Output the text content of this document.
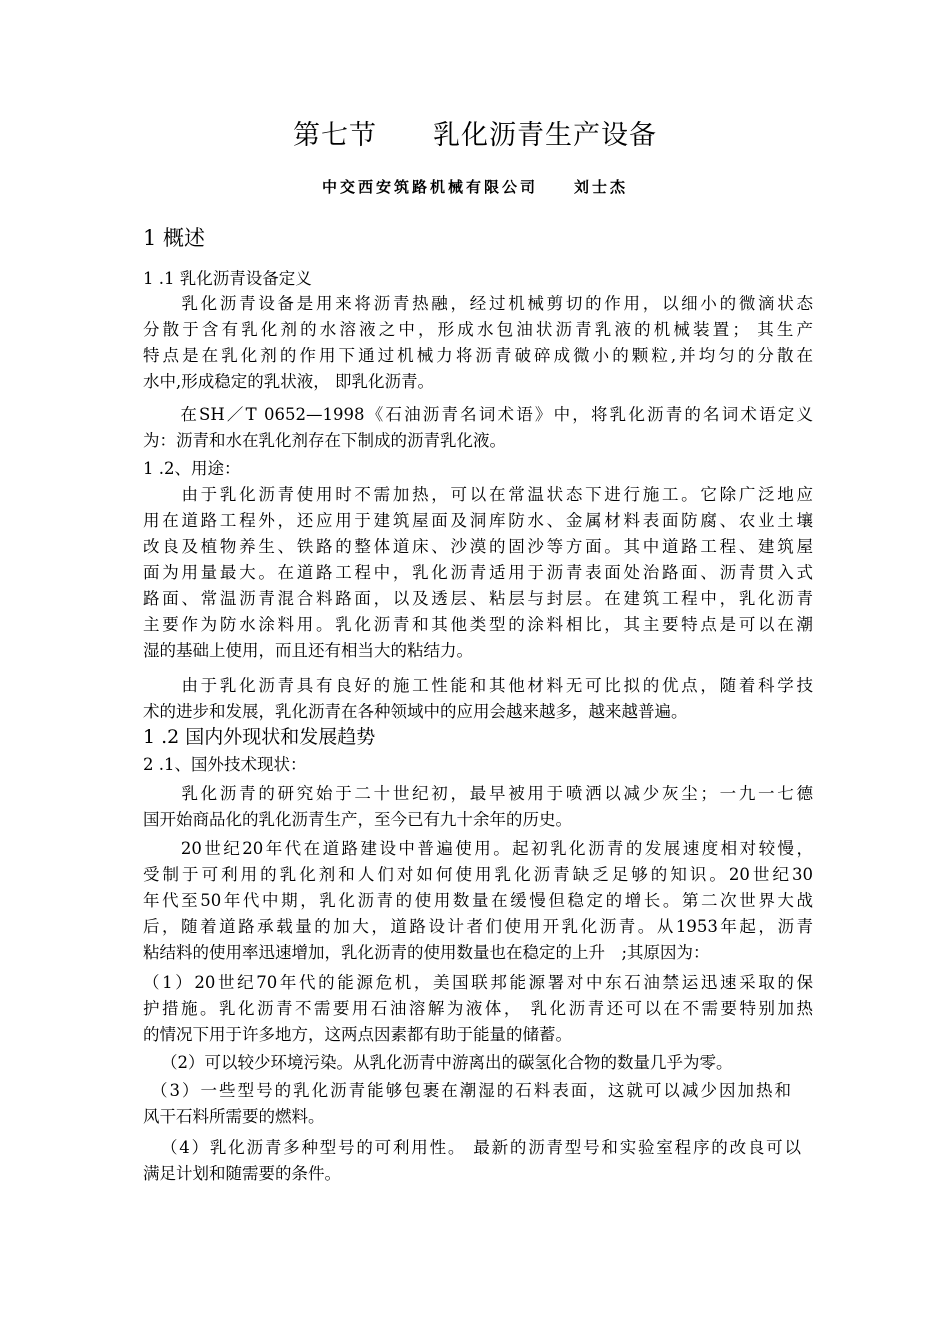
第七节　　乳化沥青生产设备
中交西安筑路机械有限公司　　刘士杰
1 概述
1 .1 乳化沥青设备定义
　　乳化沥青设备是用来将沥青热融，经过机械剪切的作用，以细小的微滴状态
分散于含有乳化剂的水溶液之中，形成水包油状沥青乳液的机械装置； 其生产
特点是在乳化剂的作用下通过机械力将沥青破碎成微小的颗粒,并均匀的分散在
水中,形成稳定的乳状液， 即乳化沥青。
　　在SH／T 0652—1998《石油沥青名词术语》中，将乳化沥青的名词术语定义
为：沥青和水在乳化剂存在下制成的沥青乳化液。
1 .2、用途：
　　由于乳化沥青使用时不需加热，可以在常温状态下进行施工。它除广泛地应
用在道路工程外，还应用于建筑屋面及洞库防水、金属材料表面防腐、农业土壤
改良及植物养生、铁路的整体道床、沙漠的固沙等方面。其中道路工程、建筑屋
面为用量最大。在道路工程中，乳化沥青适用于沥青表面处治路面、沥青贯入式
路面、常温沥青混合料路面，以及透层、粘层与封层。在建筑工程中，乳化沥青
主要作为防水涂料用。乳化沥青和其他类型的涂料相比，其主要特点是可以在潮
湿的基础上使用，而且还有相当大的粘结力。
　　由于乳化沥青具有良好的施工性能和其他材料无可比拟的优点，随着科学技
术的进步和发展，乳化沥青在各种领域中的应用会越来越多，越来越普遍。
1 .2 国内外现状和发展趋势
2 .1、国外技术现状：
　　乳化沥青的研究始于二十世纪初，最早被用于喷洒以减少灰尘；一九一七德
国开始商品化的乳化沥青生产，至今已有九十余年的历史。
　　20世纪20年代在道路建设中普遍使用。起初乳化沥青的发展速度相对较慢，
受制于可利用的乳化剂和人们对如何使用乳化沥青缺乏足够的知识。20世纪30
年代至50年代中期，乳化沥青的使用数量在缓慢但稳定的增长。第二次世界大战
后，随着道路承载量的加大，道路设计者们使用开乳化沥青。从1953年起，沥青
粘结料的使用率迅速增加，乳化沥青的使用数量也在稳定的上升　;其原因为：
（1）20世纪70年代的能源危机，美国联邦能源署对中东石油禁运迅速采取的保
护措施。乳化沥青不需要用石油溶解为液体， 乳化沥青还可以在不需要特别加热
的情况下用于许多地方，这两点因素都有助于能量的储蓄。
（2）可以较少环境污染。从乳化沥青中游离出的碳氢化合物的数量几乎为零。
（3）一些型号的乳化沥青能够包裹在潮湿的石料表面，这就可以减少因加热和
风干石料所需要的燃料。
（4）乳化沥青多种型号的可利用性。 最新的沥青型号和实验室程序的改良可以
满足计划和随需要的条件。
